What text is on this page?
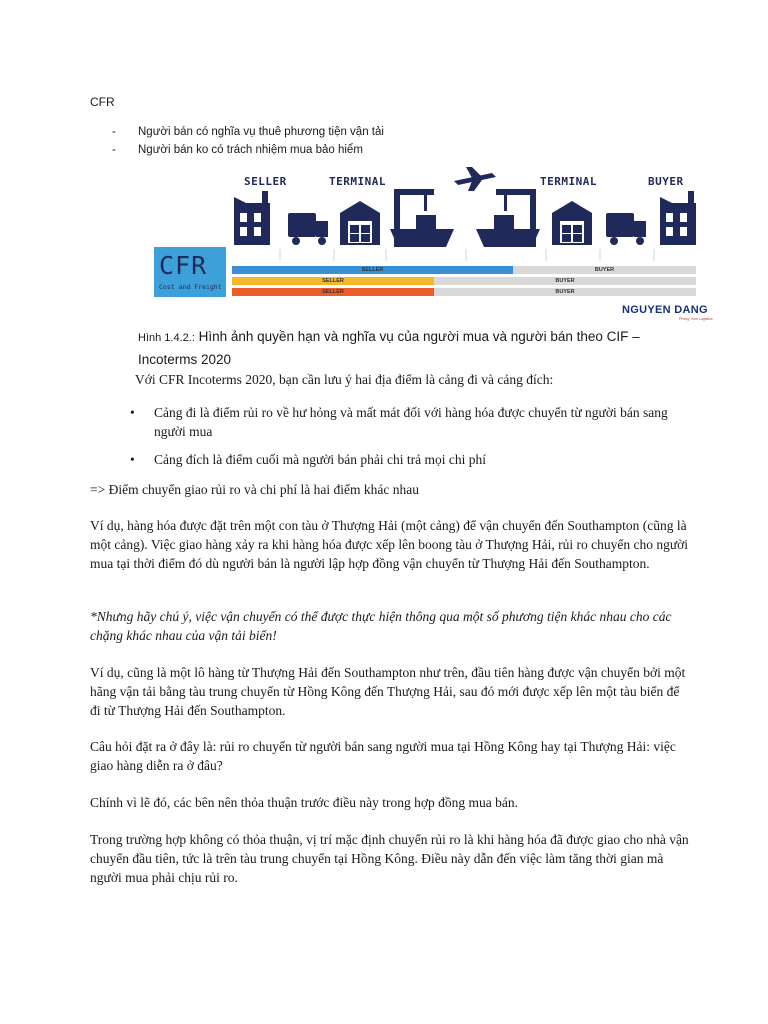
CFR
-	Người bán có nghĩa vụ thuê phương tiện vận tải
-	Người bán ko có trách nhiệm mua bảo hiểm
SELLER	TERMINAL	TERMINAL	BUYER
CFR
Cost and Freight
SELLER	BUYER
SELLER	BUYER
SELLER	BUYER
NGUYEN DANG
Phòng Trình Logistics
Hình 1.4.2.: Hình ảnh quyền hạn và nghĩa vụ của người mua và người bán theo CIF – Incoterms 2020
Với CFR Incoterms 2020, bạn cần lưu ý hai địa điểm là cảng đi và cảng đích:
•	Cảng đi là điểm rủi ro về hư hỏng và mất mát đối với hàng hóa được chuyển từ người bán sang người mua
•	Cảng đích là điểm cuối mà người bán phải chi trả mọi chi phí
=> Điểm chuyển giao rủi ro và chi phí là hai điểm khác nhau
Ví dụ, hàng hóa được đặt trên một con tàu ở Thượng Hải (một cảng) để vận chuyển đến Southampton (cũng là một cảng). Việc giao hàng xảy ra khi hàng hóa được xếp lên boong tàu ở Thượng Hải, rủi ro chuyển cho người mua tại thời điểm đó dù người bán là người lập hợp đồng vận chuyển từ Thượng Hải đến Southampton.
*Nhưng hãy chú ý, việc vận chuyển có thể được thực hiện thông qua một số phương tiện khác nhau cho các chặng khác nhau của vận tải biển!
Ví dụ, cũng là một lô hàng từ Thượng Hải đến Southampton như trên, đầu tiên hàng được vận chuyển bởi một hãng vận tải bằng tàu trung chuyển từ Hồng Kông đến Thượng Hải, sau đó mới được xếp lên một tàu biển để đi từ Thượng Hải đến Southampton.
Câu hỏi đặt ra ở đây là: rủi ro chuyển từ người bán sang người mua tại Hồng Kông hay tại Thượng Hải: việc giao hàng diễn ra ở đâu?
Chính vì lẽ đó, các bên nên thỏa thuận trước điều này trong hợp đồng mua bán.
Trong trường hợp không có thỏa thuận, vị trí mặc định chuyển rủi ro là khi hàng hóa đã được giao cho nhà vận chuyển đầu tiên, tức là trên tàu trung chuyển tại Hồng Kông. Điều này dẫn đến việc làm tăng thời gian mà người mua phải chịu rủi ro.
